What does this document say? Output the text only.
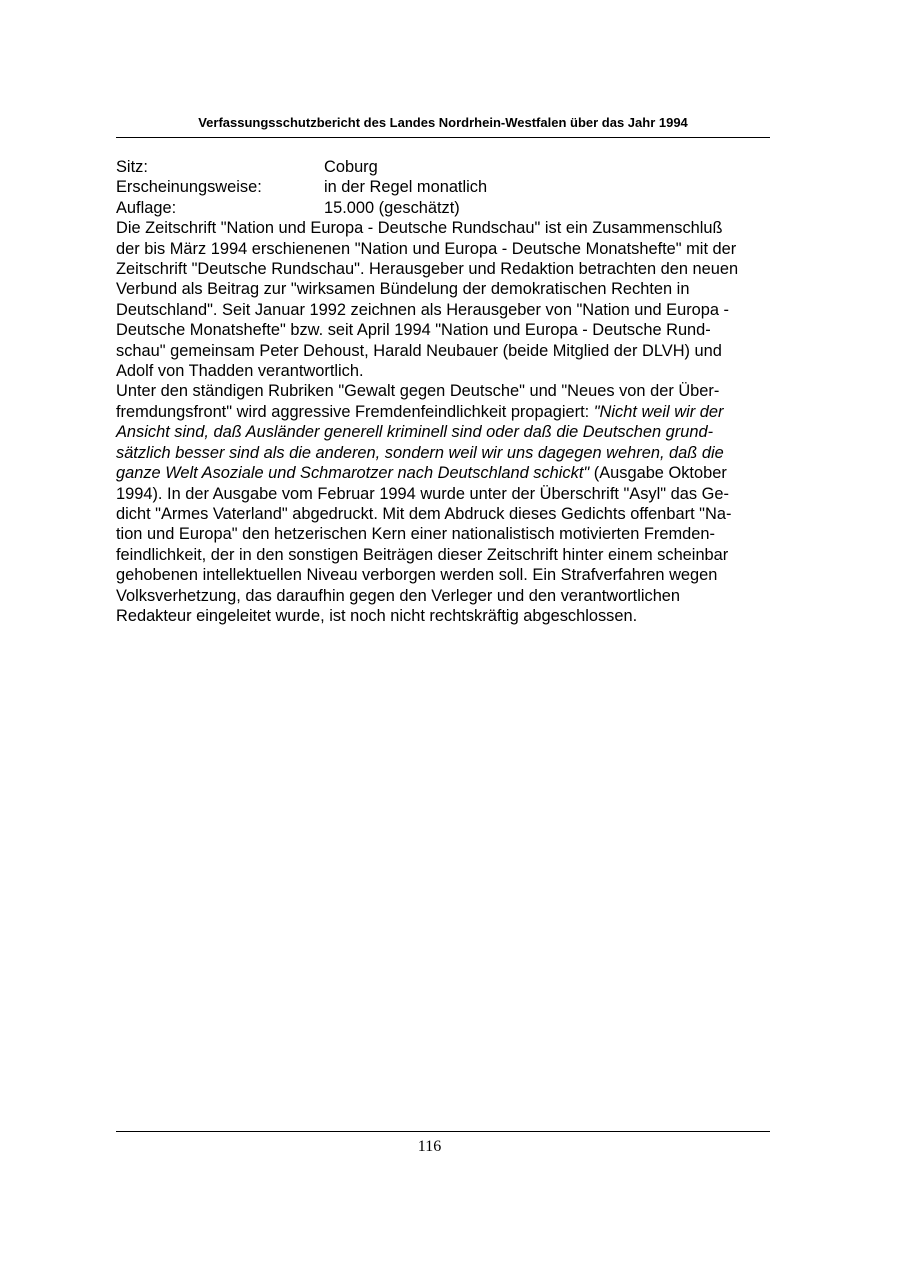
Verfassungsschutzbericht des Landes Nordrhein-Westfalen über das Jahr 1994
Sitz:	Coburg
Erscheinungsweise:	in der Regel monatlich
Auflage:	15.000 (geschätzt)
Die Zeitschrift "Nation und Europa - Deutsche Rundschau" ist ein Zusammenschluß
der bis März 1994 erschienenen "Nation und Europa - Deutsche Monatshefte" mit der
Zeitschrift "Deutsche Rundschau". Herausgeber und Redaktion betrachten den neuen
Verbund als Beitrag zur "wirksamen Bündelung der demokratischen Rechten in
Deutschland". Seit Januar 1992 zeichnen als Herausgeber von "Nation und Europa -
Deutsche Monatshefte" bzw. seit April 1994 "Nation und Europa - Deutsche Rund-
schau" gemeinsam Peter Dehoust, Harald Neubauer (beide Mitglied der DLVH) und
Adolf von Thadden verantwortlich.
Unter den ständigen Rubriken "Gewalt gegen Deutsche" und "Neues von der Über-
fremdungsfront" wird aggressive Fremdenfeindlichkeit propagiert: "Nicht weil wir der
Ansicht sind, daß Ausländer generell kriminell sind oder daß die Deutschen grund-
sätzlich besser sind als die anderen, sondern weil wir uns dagegen wehren, daß die
ganze Welt Asoziale und Schmarotzer nach Deutschland schickt" (Ausgabe Oktober
1994). In der Ausgabe vom Februar 1994 wurde unter der Überschrift "Asyl" das Ge-
dicht "Armes Vaterland" abgedruckt. Mit dem Abdruck dieses Gedichts offenbart "Na-
tion und Europa" den hetzerischen Kern einer nationalistisch motivierten Fremden-
feindlichkeit, der in den sonstigen Beiträgen dieser Zeitschrift hinter einem scheinbar
gehobenen intellektuellen Niveau verborgen werden soll. Ein Strafverfahren wegen
Volksverhetzung, das daraufhin gegen den Verleger und den verantwortlichen
Redakteur eingeleitet wurde, ist noch nicht rechtskräftig abgeschlossen.
116
